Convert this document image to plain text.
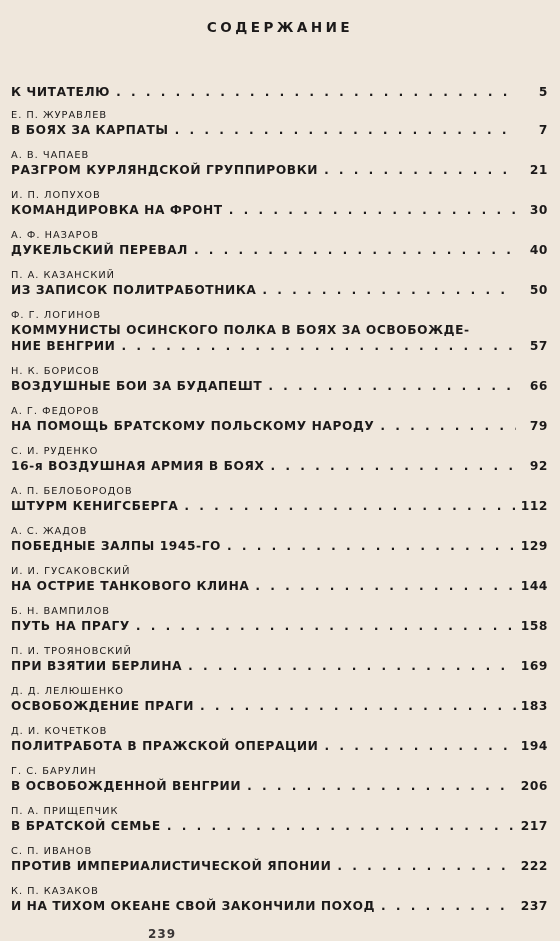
СОДЕРЖАНИЕ
К ЧИТАТЕЛЮ . . .	5
Е. П. ЖУРАВЛЕВ
В БОЯХ ЗА КАРПАТЫ . . .	7
А. В. ЧАПАЕВ
РАЗГРОМ КУРЛЯНДСКОЙ ГРУППИРОВКИ . . .	21
И. П. ЛОПУХОВ
КОМАНДИРОВКА НА ФРОНТ . . .	30
А. Ф. НАЗАРОВ
ДУКЕЛЬСКИЙ ПЕРЕВАЛ . . .	40
П. А. КАЗАНСКИЙ
ИЗ ЗАПИСОК ПОЛИТРАБОТНИКА . . .	50
Ф. Г. ЛОГИНОВ
КОММУНИСТЫ ОСИНСКОГО ПОЛКА В БОЯХ ЗА ОСВОБОЖДЕ-
НИЕ ВЕНГРИИ . . .	57
Н. К. БОРИСОВ
ВОЗДУШНЫЕ БОИ ЗА БУДАПЕШТ . . .	66
А. Г. ФЕДОРОВ
НА ПОМОЩЬ БРАТСКОМУ ПОЛЬСКОМУ НАРОДУ . . .	79
С. И. РУДЕНКО
16-я ВОЗДУШНАЯ АРМИЯ В БОЯХ . . .	92
А. П. БЕЛОБОРОДОВ
ШТУРМ КЕНИГСБЕРГА . . .	112
А. С. ЖАДОВ
ПОБЕДНЫЕ ЗАЛПЫ 1945-ГО . . .	129
И. И. ГУСАКОВСКИЙ
НА ОСТРИЕ ТАНКОВОГО КЛИНА . . .	144
Б. Н. ВАМПИЛОВ
ПУТЬ НА ПРАГУ . . .	158
П. И. ТРОЯНОВСКИЙ
ПРИ ВЗЯТИИ БЕРЛИНА . . .	169
Д. Д. ЛЕЛЮШЕНКО
ОСВОБОЖДЕНИЕ ПРАГИ . . .	183
Д. И. КОЧЕТКОВ
ПОЛИТРАБОТА В ПРАЖСКОЙ ОПЕРАЦИИ . . .	194
Г. С. БАРУЛИН
В ОСВОБОЖДЕННОЙ ВЕНГРИИ . . .	206
П. А. ПРИЩЕПЧИК
В БРАТСКОЙ СЕМЬЕ . . .	217
С. П. ИВАНОВ
ПРОТИВ ИМПЕРИАЛИСТИЧЕСКОЙ ЯПОНИИ . . .	222
К. П. КАЗАКОВ
И НА ТИХОМ ОКЕАНЕ СВОЙ ЗАКОНЧИЛИ ПОХОД . . .	237
239
